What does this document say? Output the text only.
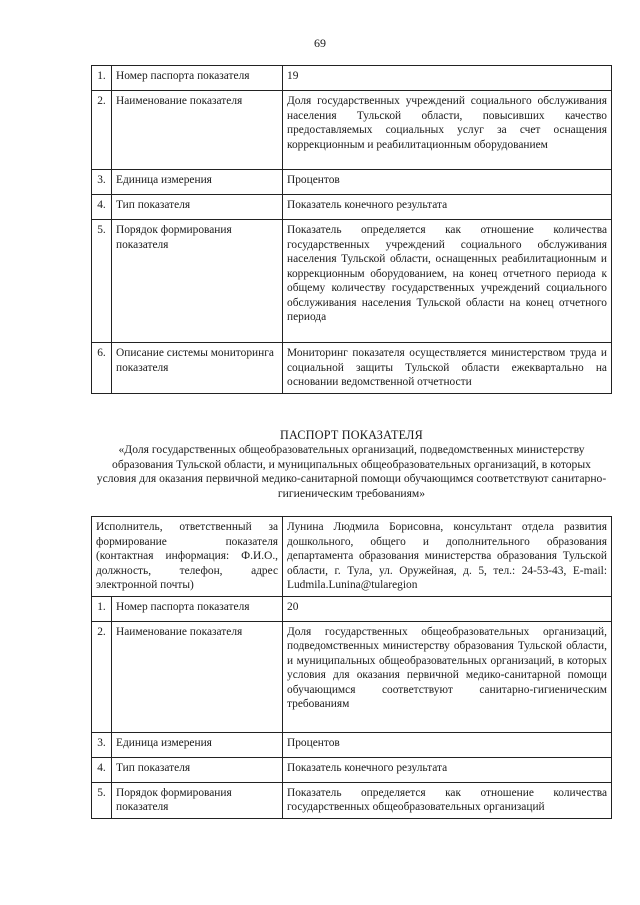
69
1.	Номер паспорта показателя	19
2.	Наименование показателя	Доля государственных учреждений социального обслуживания населения Тульской области, повысивших качество предоставляемых социальных услуг за счет оснащения коррекционным и реабилитационным оборудованием
3.	Единица измерения	Процентов
4.	Тип показателя	Показатель конечного результата
5.	Порядок формирования показателя	Показатель определяется как отношение количества государственных учреждений социального обслуживания населения Тульской области, оснащенных реабилитационным и коррекционным оборудованием, на конец отчетного периода к общему количеству государственных учреждений социального обслуживания населения Тульской области на конец отчетного периода
6.	Описание системы мониторинга показателя	Мониторинг показателя осуществляется министерством труда и социальной защиты Тульской области ежеквартально на основании ведомственной отчетности
ПАСПОРТ ПОКАЗАТЕЛЯ
«Доля государственных общеобразовательных организаций, подведомственных министерству образования Тульской области, и муниципальных общеобразовательных организаций, в которых условия для оказания первичной медико-санитарной помощи обучающимся соответствуют санитарно-гигиеническим требованиям»
Исполнитель, ответственный за формирование показателя (контактная информация: Ф.И.О., должность, телефон, адрес электронной почты)		Лунина Людмила Борисовна, консультант отдела развития дошкольного, общего и дополнительного образования департамента образования министерства образования Тульской области, г. Тула, ул. Оружейная, д. 5, тел.: 24-53-43, E-mail: Ludmila.Lunina@tularegion
1.	Номер паспорта показателя	20
2.	Наименование показателя	Доля государственных общеобразовательных организаций, подведомственных министерству образования Тульской области, и муниципальных общеобразовательных организаций, в которых условия для оказания первичной медико-санитарной помощи обучающимся соответствуют санитарно-гигиеническим требованиям
3.	Единица измерения	Процентов
4.	Тип показателя	Показатель конечного результата
5.	Порядок формирования показателя	Показатель определяется как отношение количества государственных общеобразовательных организаций
